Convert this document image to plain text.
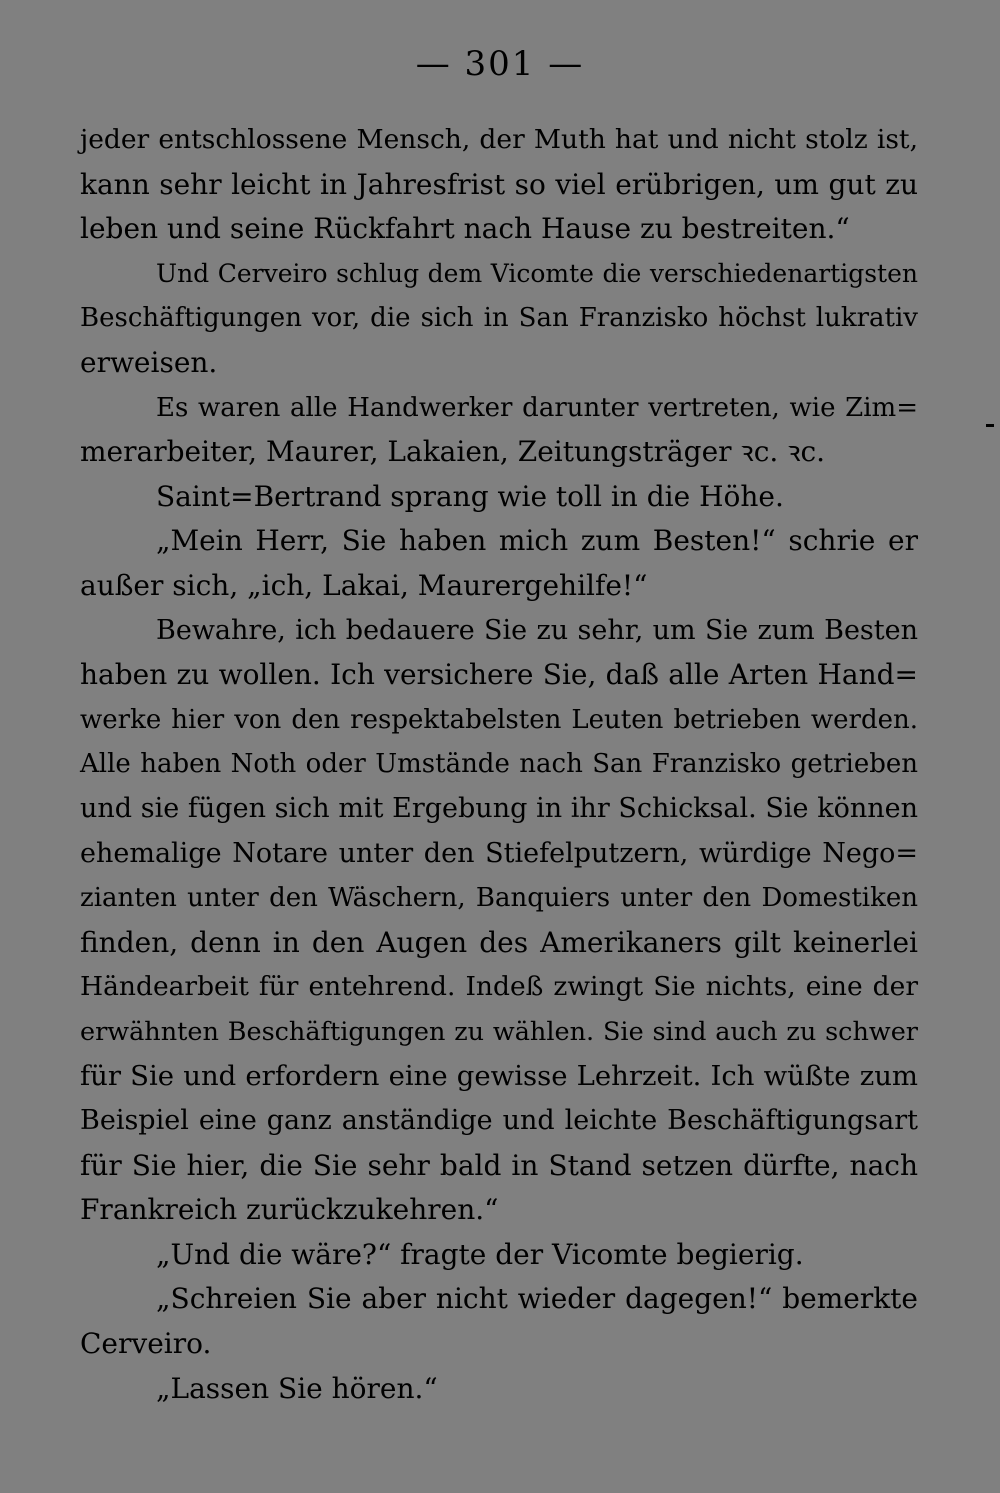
— 301 —
jeder entschlossene Mensch, der Muth hat und nicht stolz ist,
kann sehr leicht in Jahresfrist so viel erübrigen, um gut zu
leben und seine Rückfahrt nach Hause zu bestreiten.“
Und Cerveiro schlug dem Vicomte die verschiedenartigsten
Beschäftigungen vor, die sich in San Franzisko höchst lukrativ
erweisen.
Es waren alle Handwerker darunter vertreten, wie Zim=
merarbeiter, Maurer, Lakaien, Zeitungsträger ꝛc. ꝛc.
Saint=Bertrand sprang wie toll in die Höhe.
„Mein Herr, Sie haben mich zum Besten!“ schrie er
außer sich, „ich, Lakai, Maurergehilfe!“
Bewahre, ich bedauere Sie zu sehr, um Sie zum Besten
haben zu wollen. Ich versichere Sie, daß alle Arten Hand=
werke hier von den respektabelsten Leuten betrieben werden.
Alle haben Noth oder Umstände nach San Franzisko getrieben
und sie fügen sich mit Ergebung in ihr Schicksal. Sie können
ehemalige Notare unter den Stiefelputzern, würdige Nego=
zianten unter den Wäschern, Banquiers unter den Domestiken
finden, denn in den Augen des Amerikaners gilt keinerlei
Händearbeit für entehrend. Indeß zwingt Sie nichts, eine der
erwähnten Beschäftigungen zu wählen. Sie sind auch zu schwer
für Sie und erfordern eine gewisse Lehrzeit. Ich wüßte zum
Beispiel eine ganz anständige und leichte Beschäftigungsart
für Sie hier, die Sie sehr bald in Stand setzen dürfte, nach
Frankreich zurückzukehren.“
„Und die wäre?“ fragte der Vicomte begierig.
„Schreien Sie aber nicht wieder dagegen!“ bemerkte
Cerveiro.
„Lassen Sie hören.“
